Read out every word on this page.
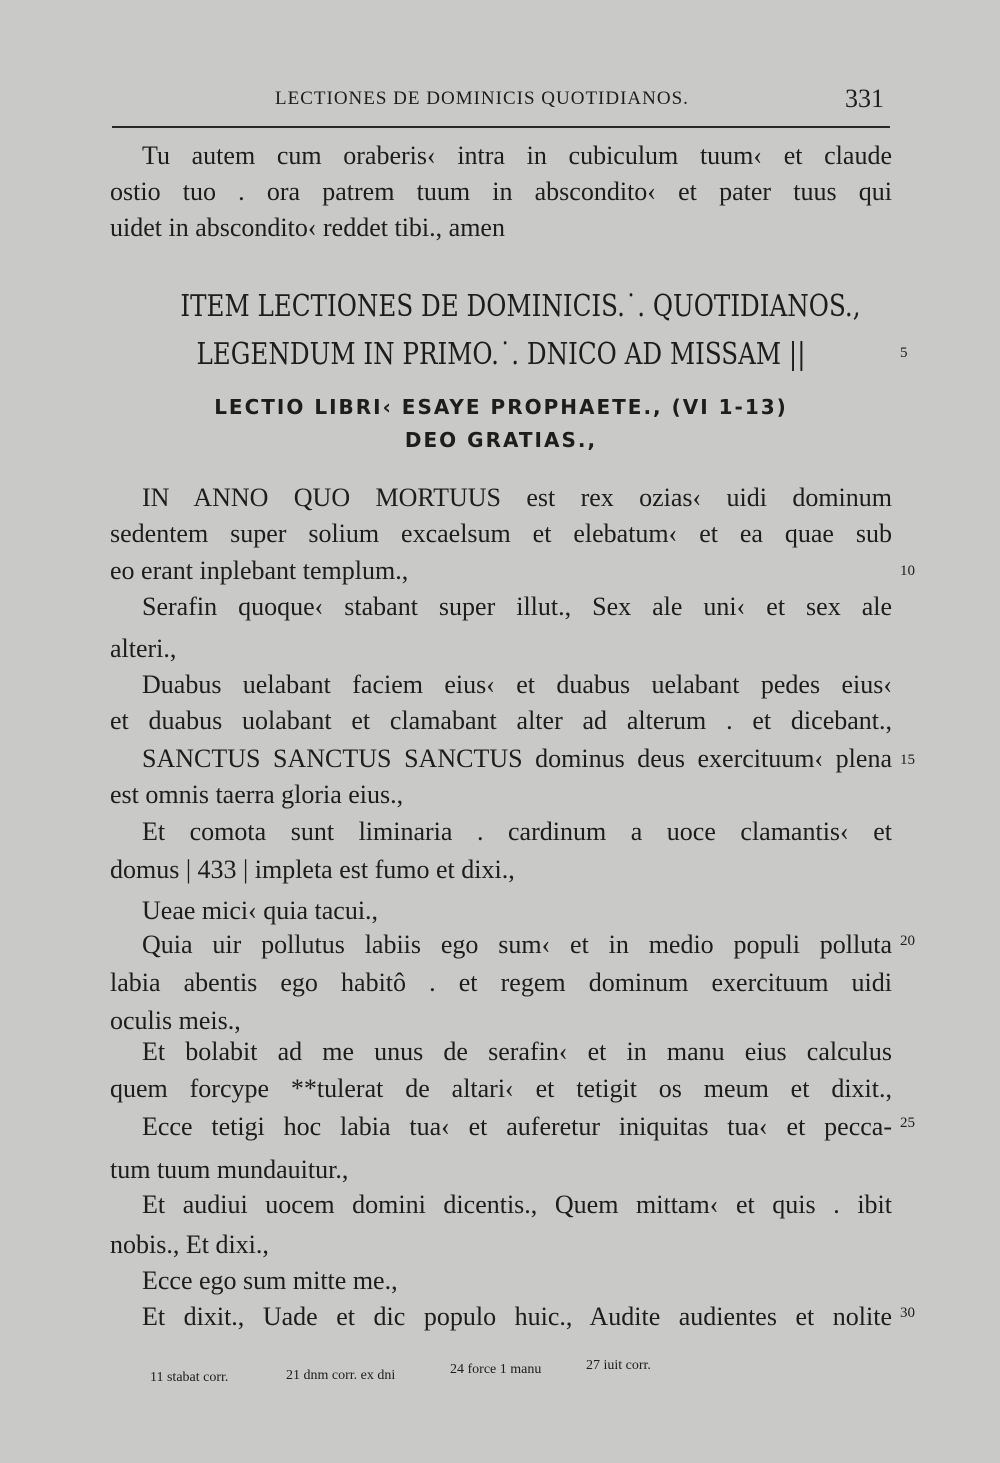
LECTIONES DE DOMINICIS QUOTIDIANOS.	331
Tu autem cum oraberis‹ intra in cubiculum tuum‹ et claude
ostio tuo . ora patrem tuum in abscondito‹ et pater tuus qui
uidet in abscondito‹ reddet tibi., amen
ITEM LECTIONES DE DOMINICIS.˙. QUOTIDIANOS.,
LEGENDUM IN PRIMO.˙. DNICO AD MISSAM ||
LECTIO LIBRI‹ ESAYE PROPHAETE., (VI 1-13)
DEO GRATIAS.,
IN ANNO QUO MORTUUS est rex ozias‹ uidi dominum
sedentem super solium excaelsum et elebatum‹ et ea quae sub
eo erant inplebant templum.,
Serafin quoque‹ stabant super illut., Sex ale uni‹ et sex ale
alteri.,
Duabus uelabant faciem eius‹ et duabus uelabant pedes eius‹
et duabus uolabant et clamabant alter ad alterum . et dicebant.,
SANCTUS SANCTUS SANCTUS dominus deus exercituum‹ plena
est omnis taerra gloria eius.,
Et comota sunt liminaria . cardinum a uoce clamantis‹ et
domus | 433 | impleta est fumo et dixi.,
Ueae mici‹ quia tacui.,
Quia uir pollutus labiis ego sum‹ et in medio populi polluta
labia abentis ego habitô . et regem dominum exercituum uidi
oculis meis.,
Et bolabit ad me unus de serafin‹ et in manu eius calculus
quem forcype **tulerat de altari‹ et tetigit os meum et dixit.,
Ecce tetigi hoc labia tua‹ et auferetur iniquitas tua‹ et pecca-
tum tuum mundauitur.,
Et audiui uocem domini dicentis., Quem mittam‹ et quis . ibit
nobis., Et dixi.,
Ecce ego sum mitte me.,
Et dixit., Uade et dic populo huic., Audite audientes et nolite
5
10
15
20
25
30
11 stabat corr.	21 dnm corr. ex dni	24 force 1 manu	27 iuit corr.
